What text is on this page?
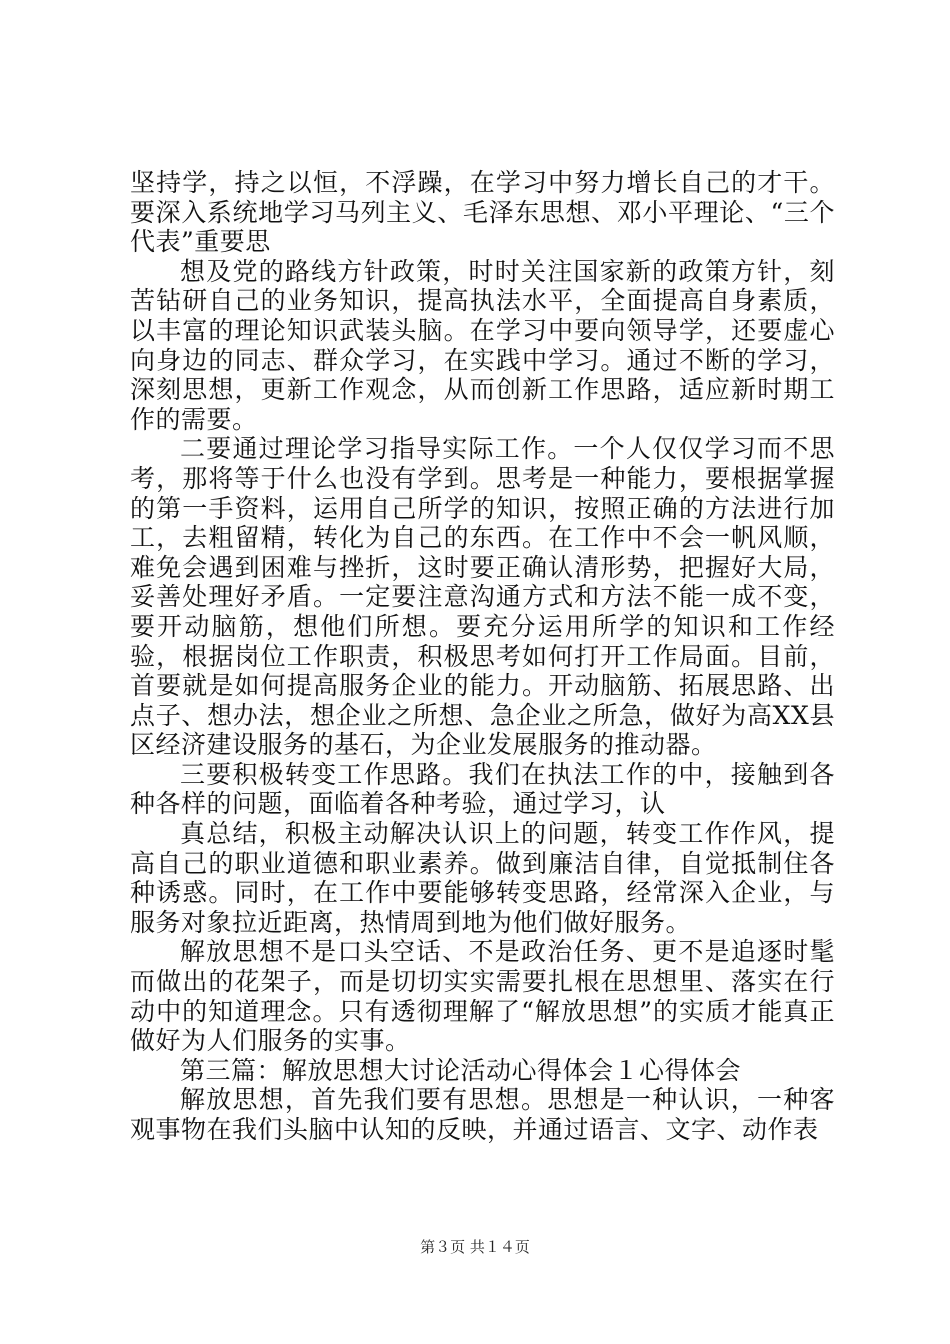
坚持学，持之以恒，不浮躁，在学习中努力增长自己的才干。要深入系统地学习马列主义、毛泽东思想、邓小平理论、“三个代表”重要思

想及党的路线方针政策，时时关注国家新的政策方针，刻苦钻研自己的业务知识，提高执法水平，全面提高自身素质，以丰富的理论知识武装头脑。在学习中要向领导学，还要虚心向身边的同志、群众学习，在实践中学习。通过不断的学习，深刻思想，更新工作观念，从而创新工作思路，适应新时期工作的需要。

二要通过理论学习指导实际工作。一个人仅仅学习而不思考，那将等于什么也没有学到。思考是一种能力，要根据掌握的第一手资料，运用自己所学的知识，按照正确的方法进行加工，去粗留精，转化为自己的东西。在工作中不会一帆风顺，难免会遇到困难与挫折，这时要正确认清形势，把握好大局，妥善处理好矛盾。一定要注意沟通方式和方法不能一成不变，要开动脑筋，想他们所想。要充分运用所学的知识和工作经验，根据岗位工作职责，积极思考如何打开工作局面。目前，首要就是如何提高服务企业的能力。开动脑筋、拓展思路、出点子、想办法，想企业之所想、急企业之所急，做好为高XX县区经济建设服务的基石，为企业发展服务的推动器。

三要积极转变工作思路。我们在执法工作的中，接触到各种各样的问题，面临着各种考验，通过学习，认

真总结，积极主动解决认识上的问题，转变工作作风，提高自己的职业道德和职业素养。做到廉洁自律，自觉抵制住各种诱惑。同时，在工作中要能够转变思路，经常深入企业，与服务对象拉近距离，热情周到地为他们做好服务。

解放思想不是口头空话、不是政治任务、更不是追逐时髦而做出的花架子，而是切切实实需要扎根在思想里、落实在行动中的知道理念。只有透彻理解了“解放思想”的实质才能真正做好为人们服务的实事。

第三篇：解放思想大讨论活动心得体会１心得体会

解放思想，首先我们要有思想。思想是一种认识，一种客观事物在我们头脑中认知的反映，并通过语言、文字、动作表

第３页 共１４页
